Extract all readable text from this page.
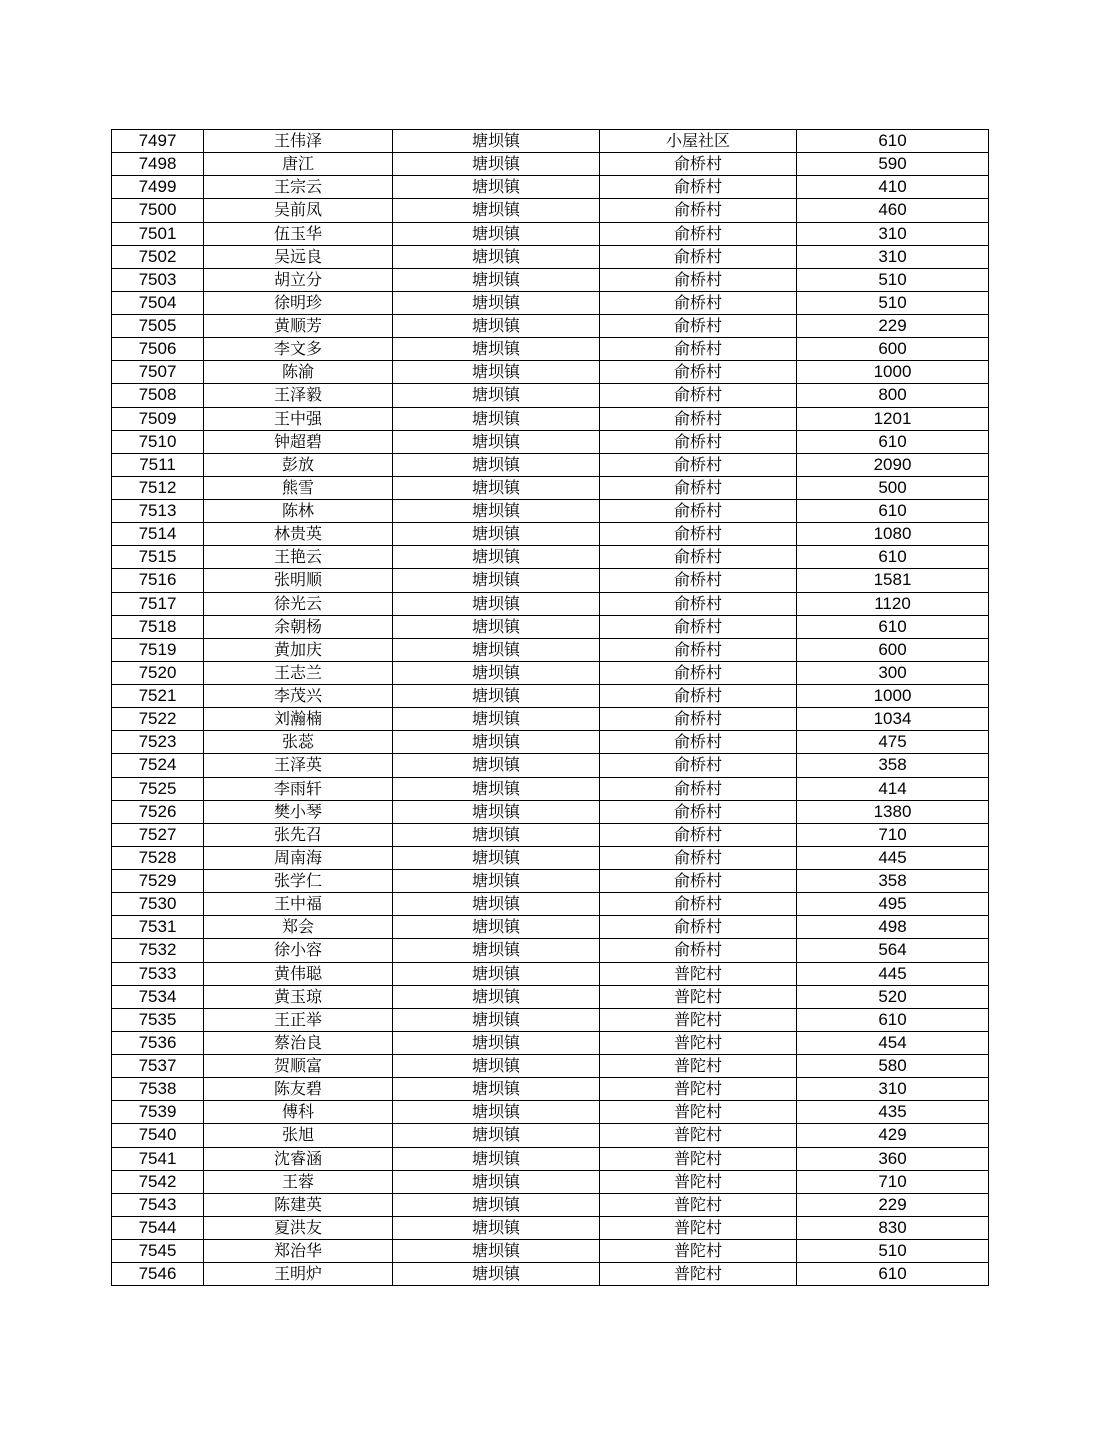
7497	王伟泽	塘坝镇	小屋社区	610
7498	唐江	塘坝镇	俞桥村	590
7499	王宗云	塘坝镇	俞桥村	410
7500	吴前凤	塘坝镇	俞桥村	460
7501	伍玉华	塘坝镇	俞桥村	310
7502	吴远良	塘坝镇	俞桥村	310
7503	胡立分	塘坝镇	俞桥村	510
7504	徐明珍	塘坝镇	俞桥村	510
7505	黄顺芳	塘坝镇	俞桥村	229
7506	李文多	塘坝镇	俞桥村	600
7507	陈渝	塘坝镇	俞桥村	1000
7508	王泽毅	塘坝镇	俞桥村	800
7509	王中强	塘坝镇	俞桥村	1201
7510	钟超碧	塘坝镇	俞桥村	610
7511	彭放	塘坝镇	俞桥村	2090
7512	熊雪	塘坝镇	俞桥村	500
7513	陈林	塘坝镇	俞桥村	610
7514	林贵英	塘坝镇	俞桥村	1080
7515	王艳云	塘坝镇	俞桥村	610
7516	张明顺	塘坝镇	俞桥村	1581
7517	徐光云	塘坝镇	俞桥村	1120
7518	余朝杨	塘坝镇	俞桥村	610
7519	黄加庆	塘坝镇	俞桥村	600
7520	王志兰	塘坝镇	俞桥村	300
7521	李茂兴	塘坝镇	俞桥村	1000
7522	刘瀚楠	塘坝镇	俞桥村	1034
7523	张蕊	塘坝镇	俞桥村	475
7524	王泽英	塘坝镇	俞桥村	358
7525	李雨轩	塘坝镇	俞桥村	414
7526	樊小琴	塘坝镇	俞桥村	1380
7527	张先召	塘坝镇	俞桥村	710
7528	周南海	塘坝镇	俞桥村	445
7529	张学仁	塘坝镇	俞桥村	358
7530	王中福	塘坝镇	俞桥村	495
7531	郑会	塘坝镇	俞桥村	498
7532	徐小容	塘坝镇	俞桥村	564
7533	黄伟聪	塘坝镇	普陀村	445
7534	黄玉琼	塘坝镇	普陀村	520
7535	王正举	塘坝镇	普陀村	610
7536	蔡治良	塘坝镇	普陀村	454
7537	贺顺富	塘坝镇	普陀村	580
7538	陈友碧	塘坝镇	普陀村	310
7539	傅科	塘坝镇	普陀村	435
7540	张旭	塘坝镇	普陀村	429
7541	沈睿涵	塘坝镇	普陀村	360
7542	王蓉	塘坝镇	普陀村	710
7543	陈建英	塘坝镇	普陀村	229
7544	夏洪友	塘坝镇	普陀村	830
7545	郑治华	塘坝镇	普陀村	510
7546	王明炉	塘坝镇	普陀村	610
